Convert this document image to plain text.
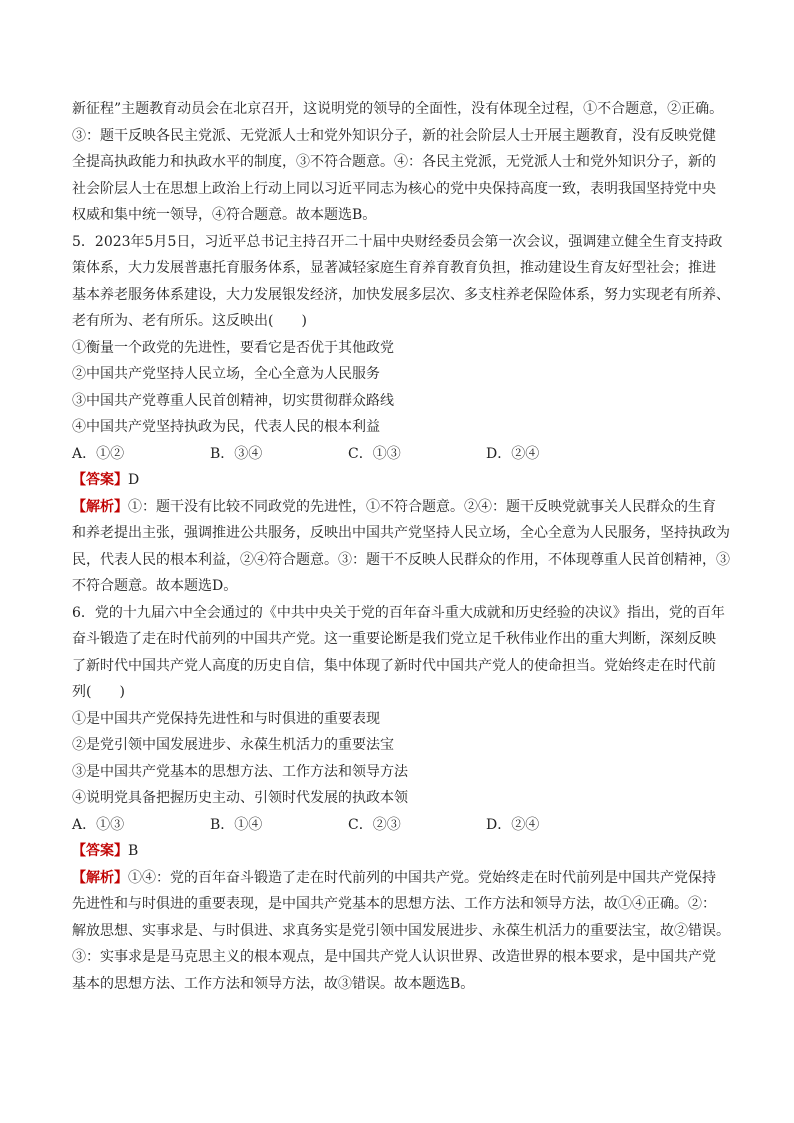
新征程”主题教育动员会在北京召开，这说明党的领导的全面性，没有体现全过程，①不合题意，②正确。
③：题干反映各民主党派、无党派人士和党外知识分子，新的社会阶层人士开展主题教育，没有反映党健
全提高执政能力和执政水平的制度，③不符合题意。④：各民主党派，无党派人士和党外知识分子，新的
社会阶层人士在思想上政治上行动上同以习近平同志为核心的党中央保持高度一致，表明我国坚持党中央
权威和集中统一领导，④符合题意。故本题选B。
5．2023年5月5日，习近平总书记主持召开二十届中央财经委员会第一次会议，强调建立健全生育支持政
策体系，大力发展普惠托育服务体系，显著减轻家庭生育养育教育负担，推动建设生育友好型社会；推进
基本养老服务体系建设，大力发展银发经济，加快发展多层次、多支柱养老保险体系，努力实现老有所养、
老有所为、老有所乐。这反映出(　　)
①衡量一个政党的先进性，要看它是否优于其他政党
②中国共产党坚持人民立场，全心全意为人民服务
③中国共产党尊重人民首创精神，切实贯彻群众路线
④中国共产党坚持执政为民，代表人民的根本利益
A．①②	B．③④	C．①③	D．②④
【答案】D
【解析】①：题干没有比较不同政党的先进性，①不符合题意。②④：题干反映党就事关人民群众的生育
和养老提出主张，强调推进公共服务，反映出中国共产党坚持人民立场，全心全意为人民服务，坚持执政为
民，代表人民的根本利益，②④符合题意。③：题干不反映人民群众的作用，不体现尊重人民首创精神，③
不符合题意。故本题选D。
6．党的十九届六中全会通过的《中共中央关于党的百年奋斗重大成就和历史经验的决议》指出，党的百年
奋斗锻造了走在时代前列的中国共产党。这一重要论断是我们党立足千秋伟业作出的重大判断，深刻反映
了新时代中国共产党人高度的历史自信，集中体现了新时代中国共产党人的使命担当。党始终走在时代前
列(　　)
①是中国共产党保持先进性和与时俱进的重要表现
②是党引领中国发展进步、永葆生机活力的重要法宝
③是中国共产党基本的思想方法、工作方法和领导方法
④说明党具备把握历史主动、引领时代发展的执政本领
A．①③	B．①④	C．②③	D．②④
【答案】B
【解析】①④：党的百年奋斗锻造了走在时代前列的中国共产党。党始终走在时代前列是中国共产党保持
先进性和与时俱进的重要表现，是中国共产党基本的思想方法、工作方法和领导方法，故①④正确。②：
解放思想、实事求是、与时俱进、求真务实是党引领中国发展进步、永葆生机活力的重要法宝，故②错误。
③：实事求是是马克思主义的根本观点，是中国共产党人认识世界、改造世界的根本要求，是中国共产党
基本的思想方法、工作方法和领导方法，故③错误。故本题选B。
